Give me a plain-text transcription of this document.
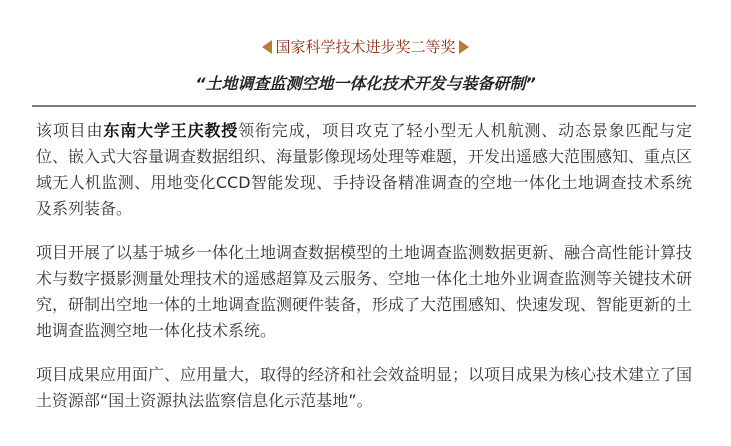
国家科学技术进步奖二等奖
“土地调查监测空地一体化技术开发与装备研制”

该项目由东南大学王庆教授领衔完成，项目攻克了轻小型无人机航测、动态景象匹配与定位、嵌入式大容量调查数据组织、海量影像现场处理等难题，开发出遥感大范围感知、重点区域无人机监测、用地变化CCD智能发现、手持设备精准调查的空地一体化土地调查技术系统及系列装备。

项目开展了以基于城乡一体化土地调查数据模型的土地调查监测数据更新、融合高性能计算技术与数字摄影测量处理技术的遥感超算及云服务、空地一体化土地外业调查监测等关键技术研究，研制出空地一体的土地调查监测硬件装备，形成了大范围感知、快速发现、智能更新的土地调查监测空地一体化技术系统。

项目成果应用面广、应用量大，取得的经济和社会效益明显；以项目成果为核心技术建立了国土资源部“国土资源执法监察信息化示范基地”。
